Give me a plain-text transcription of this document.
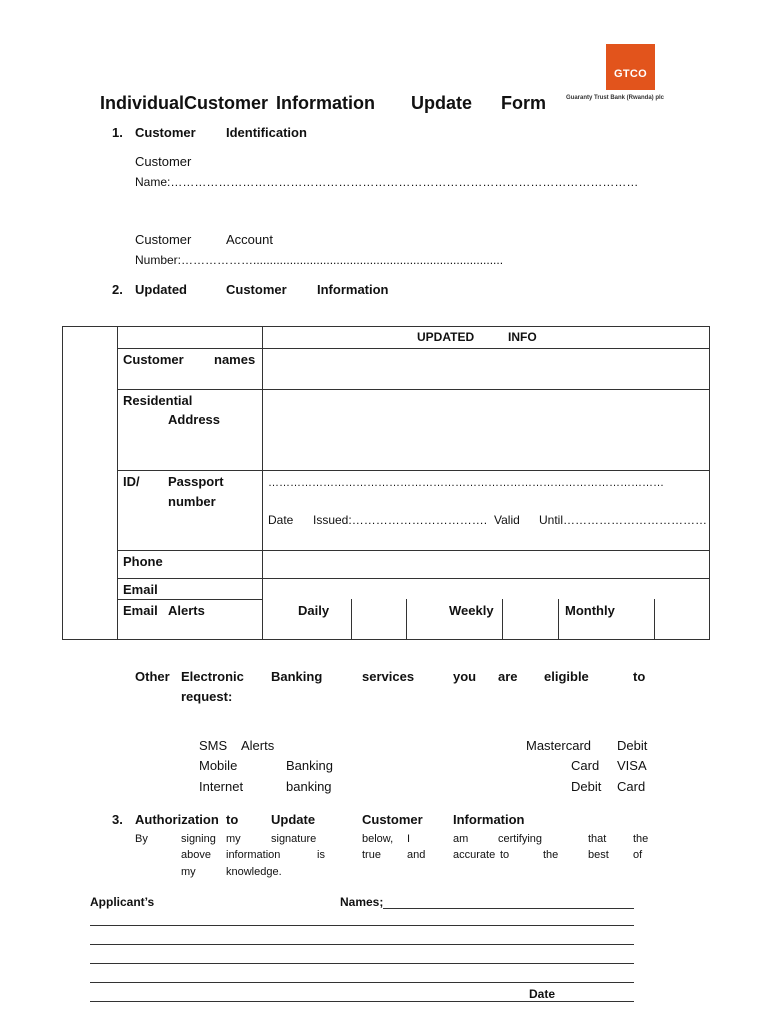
GTCO
Guaranty Trust Bank (Rwanda) plc
IndividualCustomer Information Update Form
1. Customer Identification
Customer
Name:………………………………………………………………………………………………………
Customer	Account
Number:………………...........................................................................
2. Updated	Customer Information
UPDATED	INFO
Customer names
Residential
Address
ID/ Passport
number
………………………………………………………………………………………………
Date Issued:……………………………. Valid Until………………………………
Phone
Email
Email Alerts	Daily	Weekly	Monthly
Other Electronic Banking	services	you are eligible	to
request:
SMS Alerts
Mobile	Banking
Internet	banking
Mastercard Debit
Card VISA
Debit Card
3. Authorization to	Update	Customer Information
By	signing my	signature	below, I	am	certifying	that the
above information	is	true and	accurate to	the	best of
my	knowledge.
Applicant’s	Names;
Date
